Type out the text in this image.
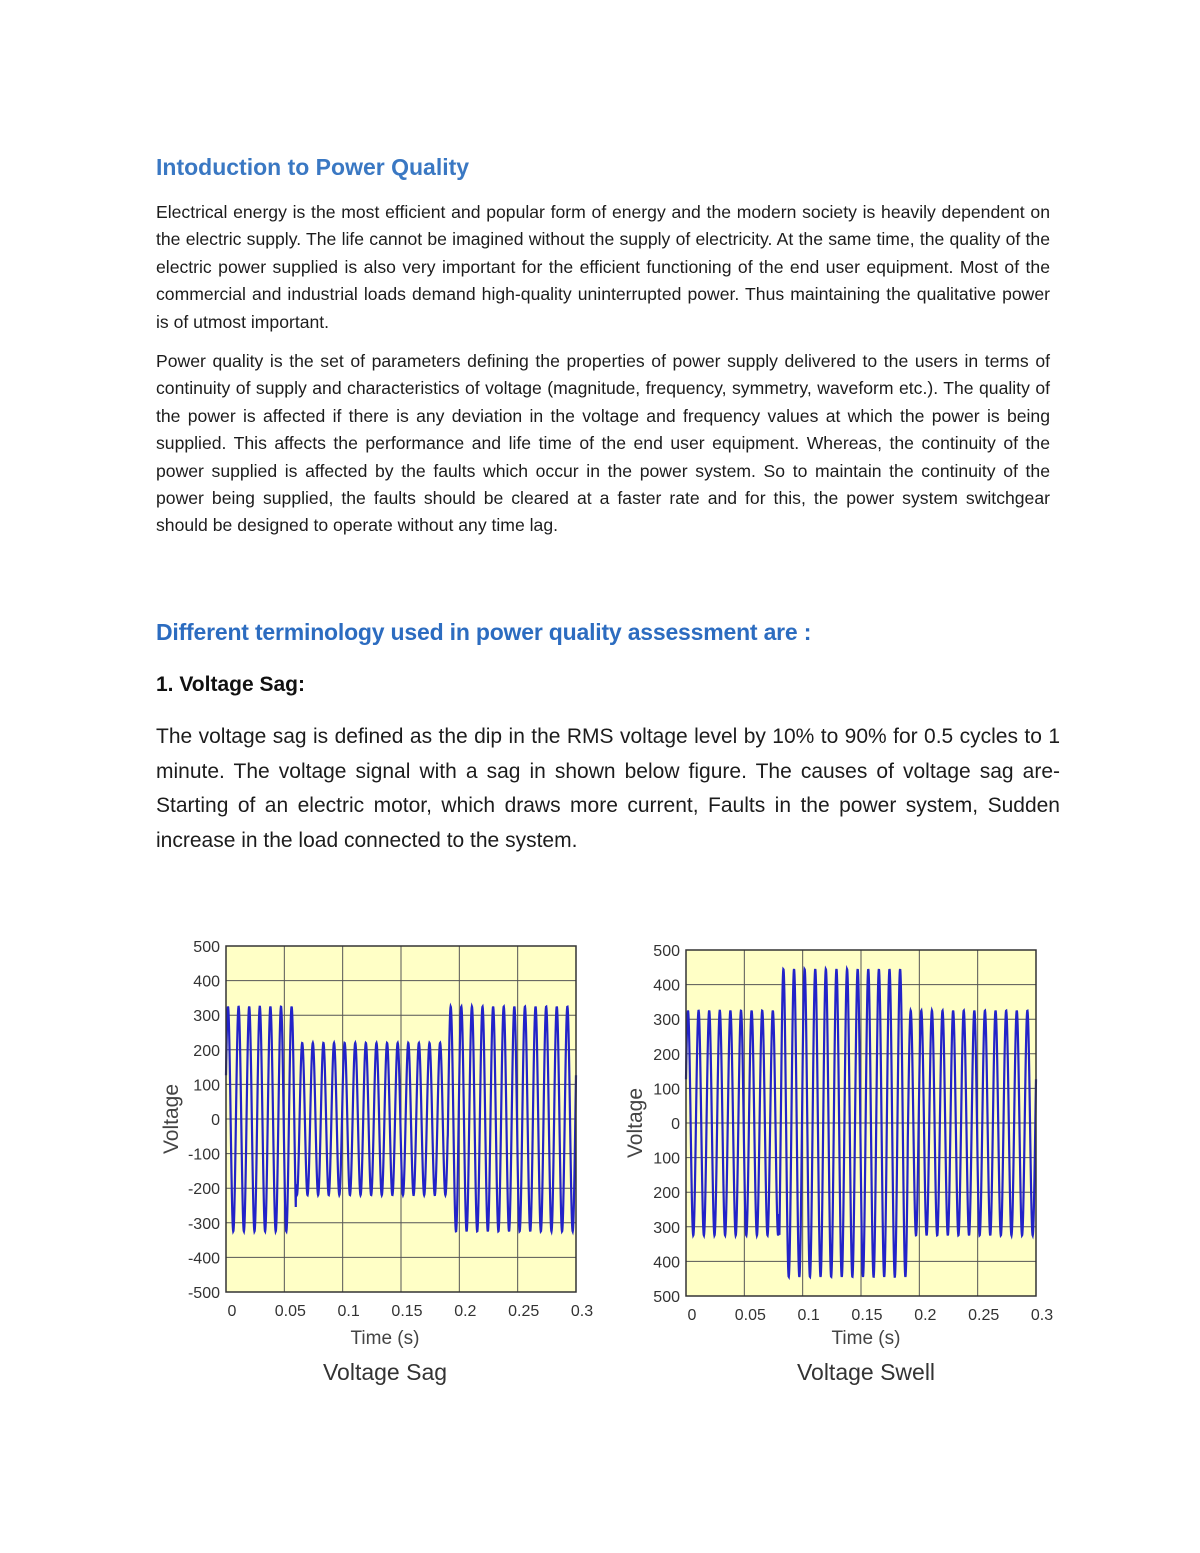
Intoduction to Power Quality

Electrical energy is the most efficient and popular form of energy and the modern society is heavily dependent on the electric supply. The life cannot be imagined without the supply of electricity. At the same time, the quality of the electric power supplied is also very important for the efficient functioning of the end user equipment. Most of the commercial and industrial loads demand high-quality uninterrupted power. Thus maintaining the qualitative power is of utmost important.

Power quality is the set of parameters defining the properties of power supply delivered to the users in terms of continuity of supply and characteristics of voltage (magnitude, frequency, symmetry, waveform etc.). The quality of the power is affected if there is any deviation in the voltage and frequency values at which the power is being supplied. This affects the performance and life time of the end user equipment. Whereas, the continuity of the power supplied is affected by the faults which occur in the power system. So to maintain the continuity of the power being supplied, the faults should be cleared at a faster rate and for this, the power system switchgear should be designed to operate without any time lag.

Different terminology used in power quality assessment are :
1. Voltage Sag:

The voltage sag is defined as the dip in the RMS voltage level by 10% to 90% for 0.5 cycles to 1 minute. The voltage signal with a sag in shown below figure. The causes of voltage sag are- Starting of an electric motor, which draws more current, Faults in the power system, Sudden increase in the load connected to the system.

500
400
300
200
100
0
-100
-200
-300
-400
-500
0 0.05 0.1 0.15 0.2 0.25 0.3
Time (s)
Voltage
Voltage Sag
500
400
300
200
100
0
100
200
300
400
500
0 0.05 0.1 0.15 0.2 0.25 0.3
Time (s)
Voltage
Voltage Swell
